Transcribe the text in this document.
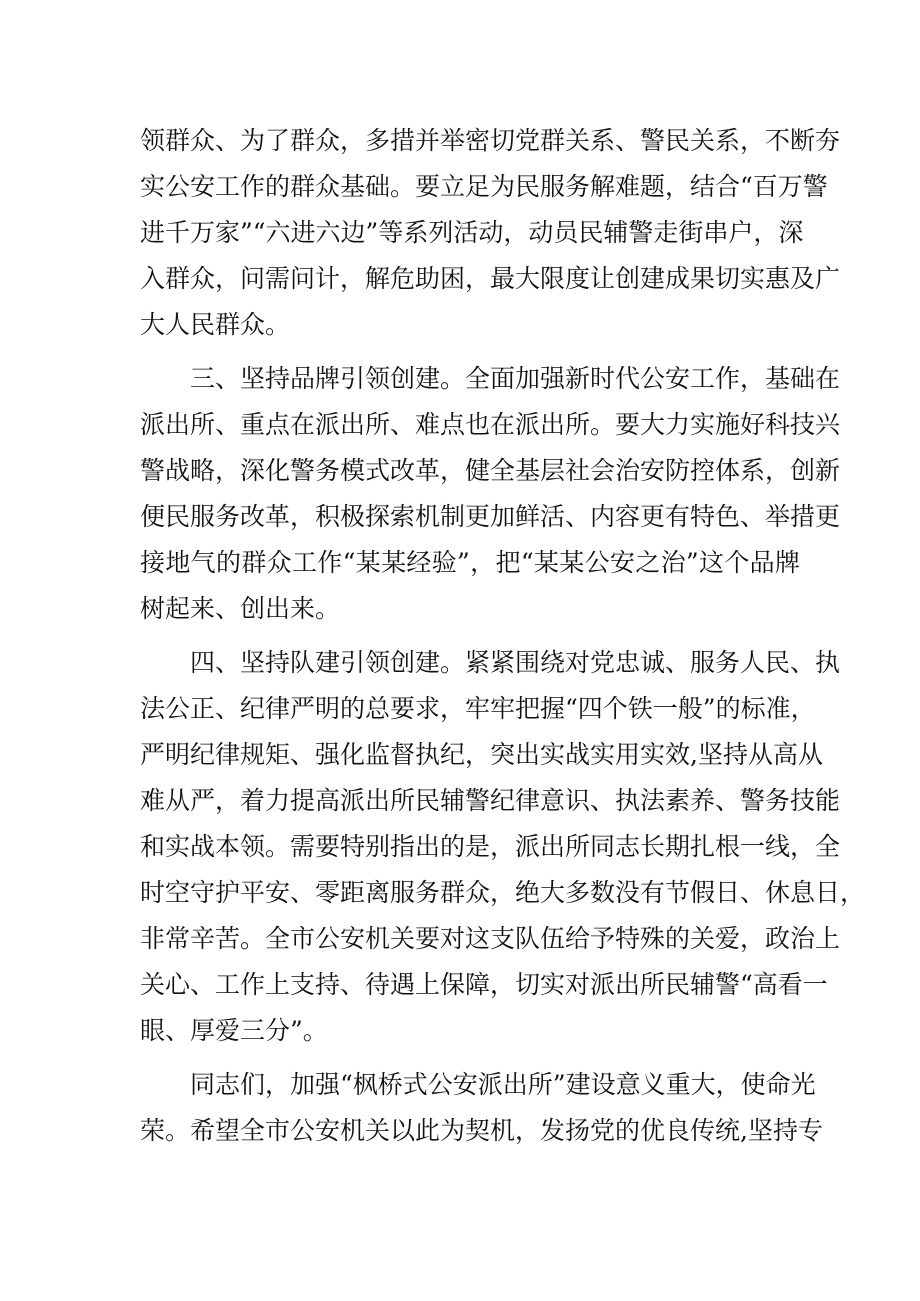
领群众、为了群众，多措并举密切党群关系、警民关系，不断夯
实公安工作的群众基础。要立足为民服务解难题，结合“百万警
进千万家”“六进六边”等系列活动，动员民辅警走街串户，深
入群众，问需问计，解危助困，最大限度让创建成果切实惠及广
大人民群众。
三、坚持品牌引领创建。全面加强新时代公安工作，基础在
派出所、重点在派出所、难点也在派出所。要大力实施好科技兴
警战略，深化警务模式改革，健全基层社会治安防控体系，创新
便民服务改革，积极探索机制更加鲜活、内容更有特色、举措更
接地气的群众工作“某某经验”，把“某某公安之治”这个品牌
树起来、创出来。
四、坚持队建引领创建。紧紧围绕对党忠诚、服务人民、执
法公正、纪律严明的总要求，牢牢把握“四个铁一般”的标准，
严明纪律规矩、强化监督执纪，突出实战实用实效,坚持从高从
难从严，着力提高派出所民辅警纪律意识、执法素养、警务技能
和实战本领。需要特别指出的是，派出所同志长期扎根一线，全
时空守护平安、零距离服务群众，绝大多数没有节假日、休息日，
非常辛苦。全市公安机关要对这支队伍给予特殊的关爱，政治上
关心、工作上支持、待遇上保障，切实对派出所民辅警“高看一
眼、厚爱三分”。
同志们，加强“枫桥式公安派出所”建设意义重大，使命光
荣。希望全市公安机关以此为契机，发扬党的优良传统,坚持专
